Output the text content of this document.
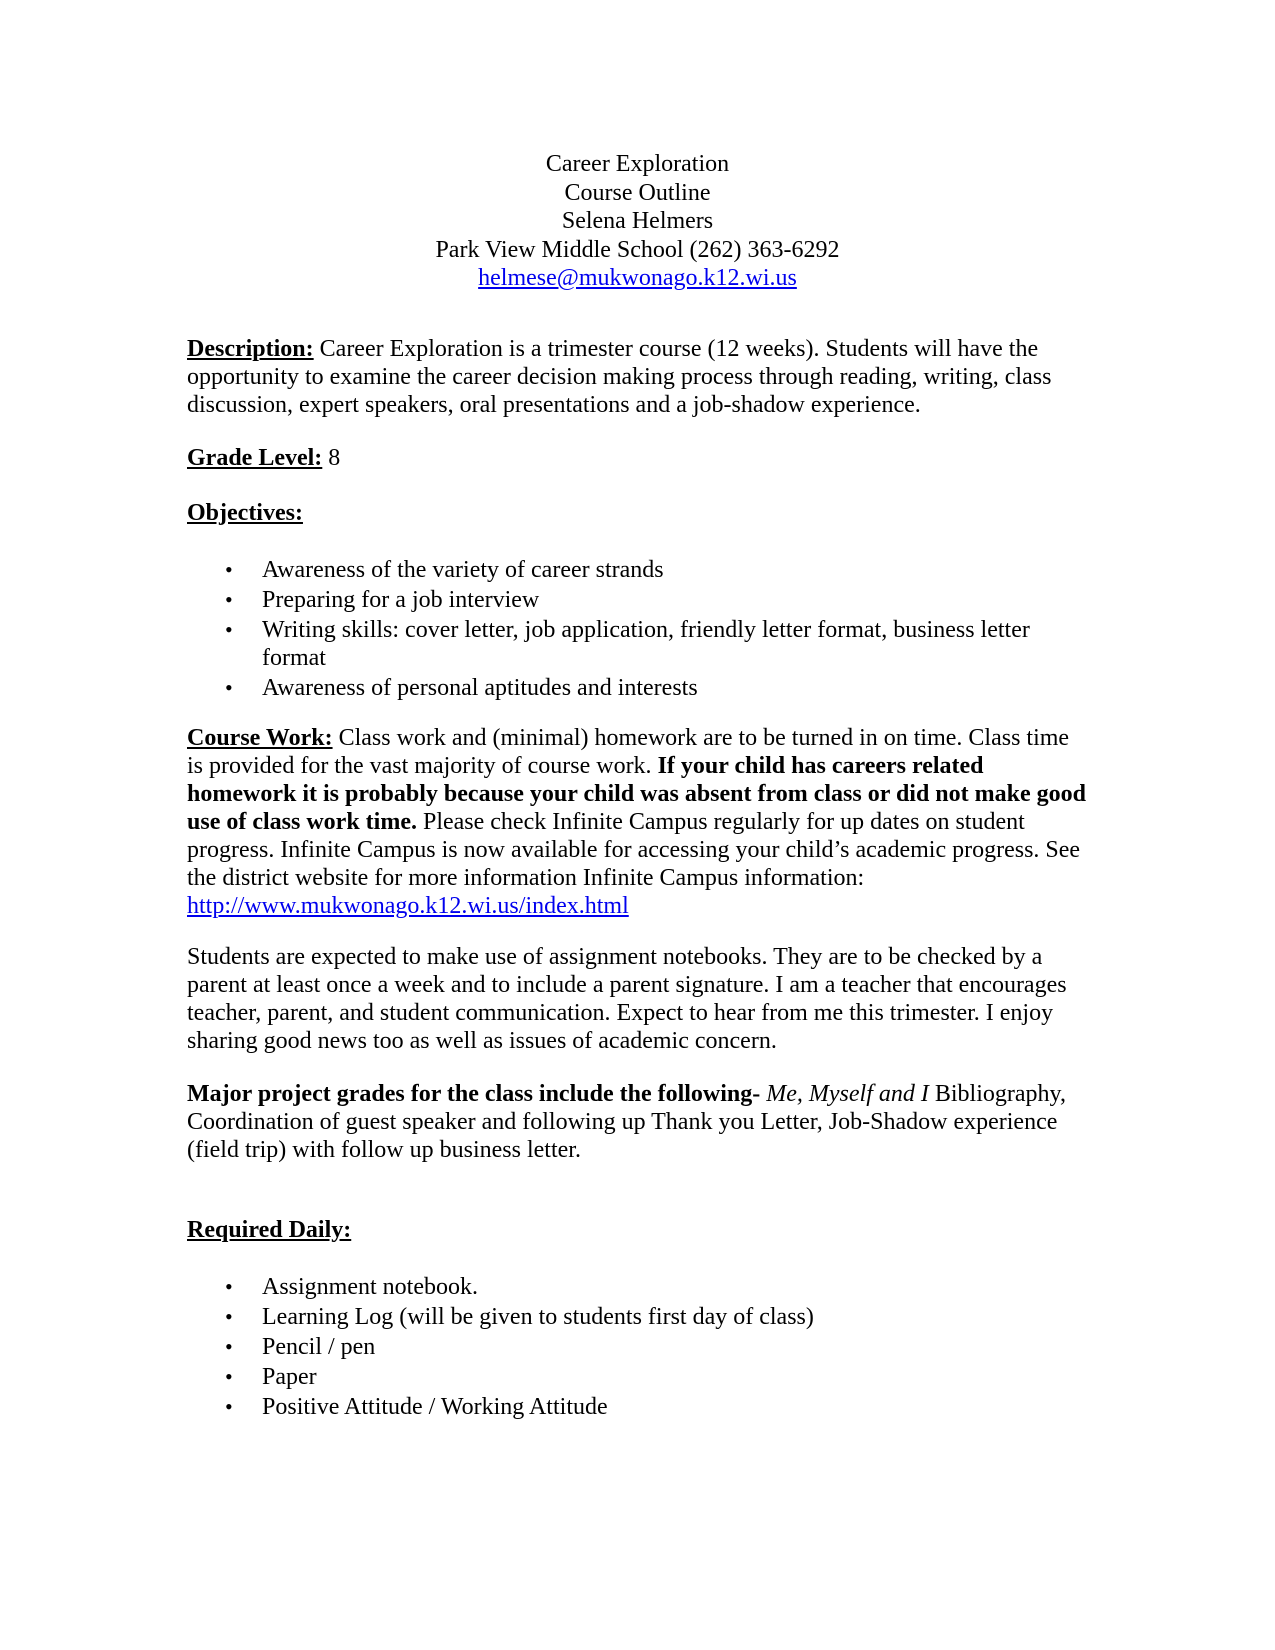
Career Exploration
Course Outline
Selena Helmers
Park View Middle School (262) 363-6292
helmese@mukwonago.k12.wi.us
Description: Career Exploration is a trimester course (12 weeks). Students will have the opportunity to examine the career decision making process through reading, writing, class discussion, expert speakers, oral presentations and a job-shadow experience.
Grade Level: 8
Objectives:
• Awareness of the variety of career strands
• Preparing for a job interview
• Writing skills: cover letter, job application, friendly letter format, business letter format
• Awareness of personal aptitudes and interests
Course Work: Class work and (minimal) homework are to be turned in on time. Class time is provided for the vast majority of course work. If your child has careers related homework it is probably because your child was absent from class or did not make good use of class work time. Please check Infinite Campus regularly for up dates on student progress. Infinite Campus is now available for accessing your child’s academic progress. See the district website for more information Infinite Campus information: http://www.mukwonago.k12.wi.us/index.html
Students are expected to make use of assignment notebooks. They are to be checked by a parent at least once a week and to include a parent signature. I am a teacher that encourages teacher, parent, and student communication. Expect to hear from me this trimester. I enjoy sharing good news too as well as issues of academic concern.
Major project grades for the class include the following- Me, Myself and I Bibliography, Coordination of guest speaker and following up Thank you Letter, Job-Shadow experience (field trip) with follow up business letter.
Required Daily:
• Assignment notebook.
• Learning Log (will be given to students first day of class)
• Pencil / pen
• Paper
• Positive Attitude / Working Attitude
